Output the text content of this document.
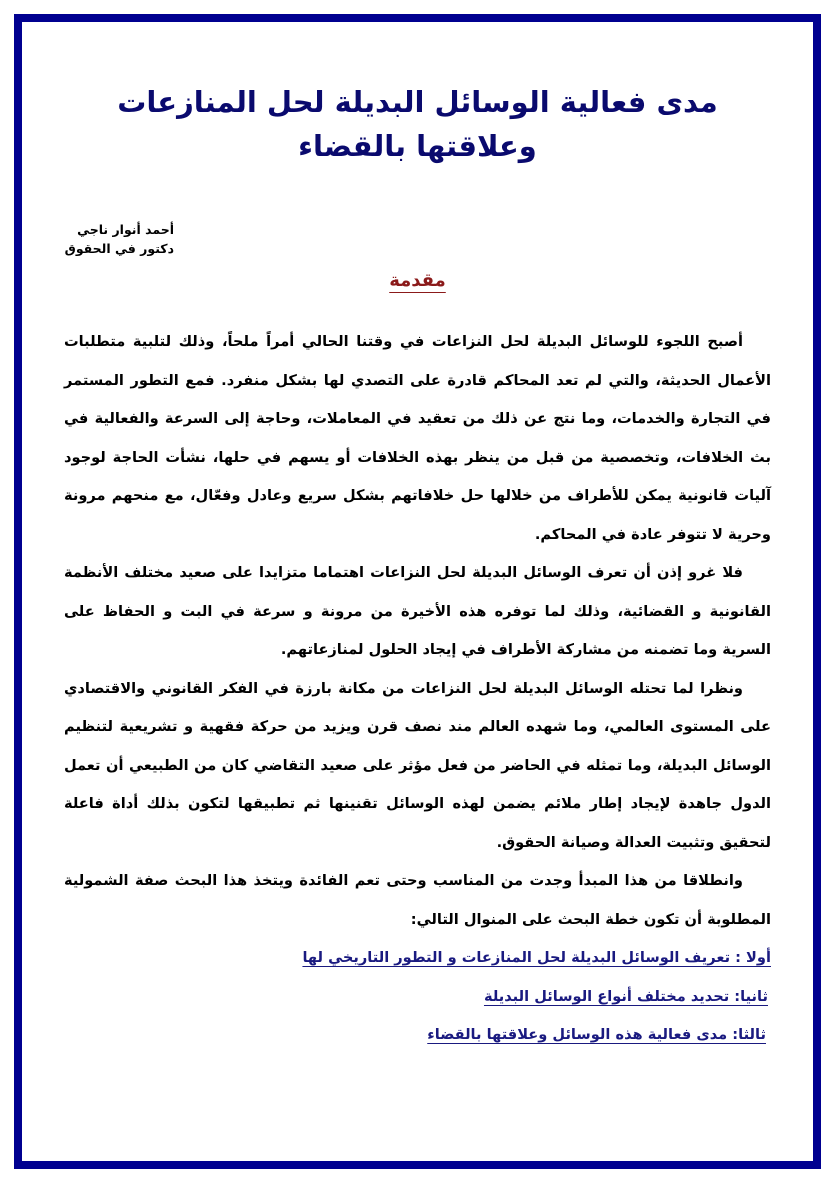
مدى فعالية الوسائل البديلة لحل المنازعات
وعلاقتها بالقضاء
أحمد أنوار ناجي
دكتور في الحقوق
مقدمة

أصبح اللجوء للوسائل البديلة لحل النزاعات في وقتنا الحالي أمراً ملحاً، وذلك لتلبية متطلبات الأعمال الحديثة، والتي لم تعد المحاكم قادرة على التصدي لها بشكل منفرد. فمع التطور المستمر في التجارة والخدمات، وما نتج عن ذلك من تعقيد في المعاملات، وحاجة إلى السرعة والفعالية في بث الخلافات، وتخصصية من قبل من ينظر بهذه الخلافات أو يسهم في حلها، نشأت الحاجة لوجود آليات قانونية يمكن للأطراف من خلالها حل خلافاتهم بشكل سريع وعادل وفعّال، مع منحهم مرونة وحرية لا تتوفر عادة في المحاكم.

فلا غرو إذن أن تعرف الوسائل البديلة لحل النزاعات اهتماما متزايدا على صعيد مختلف الأنظمة القانونية و القضائية، وذلك لما توفره هذه الأخيرة من مرونة و سرعة في البت و الحفاظ على السرية وما تضمنه من مشاركة الأطراف في إيجاد الحلول لمنازعاتهم.

ونظرا لما تحتله الوسائل البديلة لحل النزاعات من مكانة بارزة في الفكر القانوني والاقتصادي على المستوى العالمي، وما شهده العالم مند نصف قرن ويزيد من حركة فقهية و تشريعية لتنظيم الوسائل البديلة، وما تمثله في الحاضر من فعل مؤثر على صعيد التقاضي كان من الطبيعي أن تعمل الدول جاهدة لإيجاد إطار ملائم يضمن لهذه الوسائل تقنينها ثم تطبيقها لتكون بذلك أداة فاعلة لتحقيق وتثبيت العدالة وصيانة الحقوق.

وانطلاقا من هذا المبدأ وجدت من المناسب وحتى تعم الفائدة ويتخذ هذا البحث صفة الشمولية المطلوبة أن تكون خطة البحث على المنوال التالي:

أولا : تعريف الوسائل البديلة لحل المنازعات و التطور التاريخي لها
ثانيا: تحديد مختلف أنواع الوسائل البديلة
ثالثا: مدى فعالية هذه الوسائل وعلاقتها بالقضاء
